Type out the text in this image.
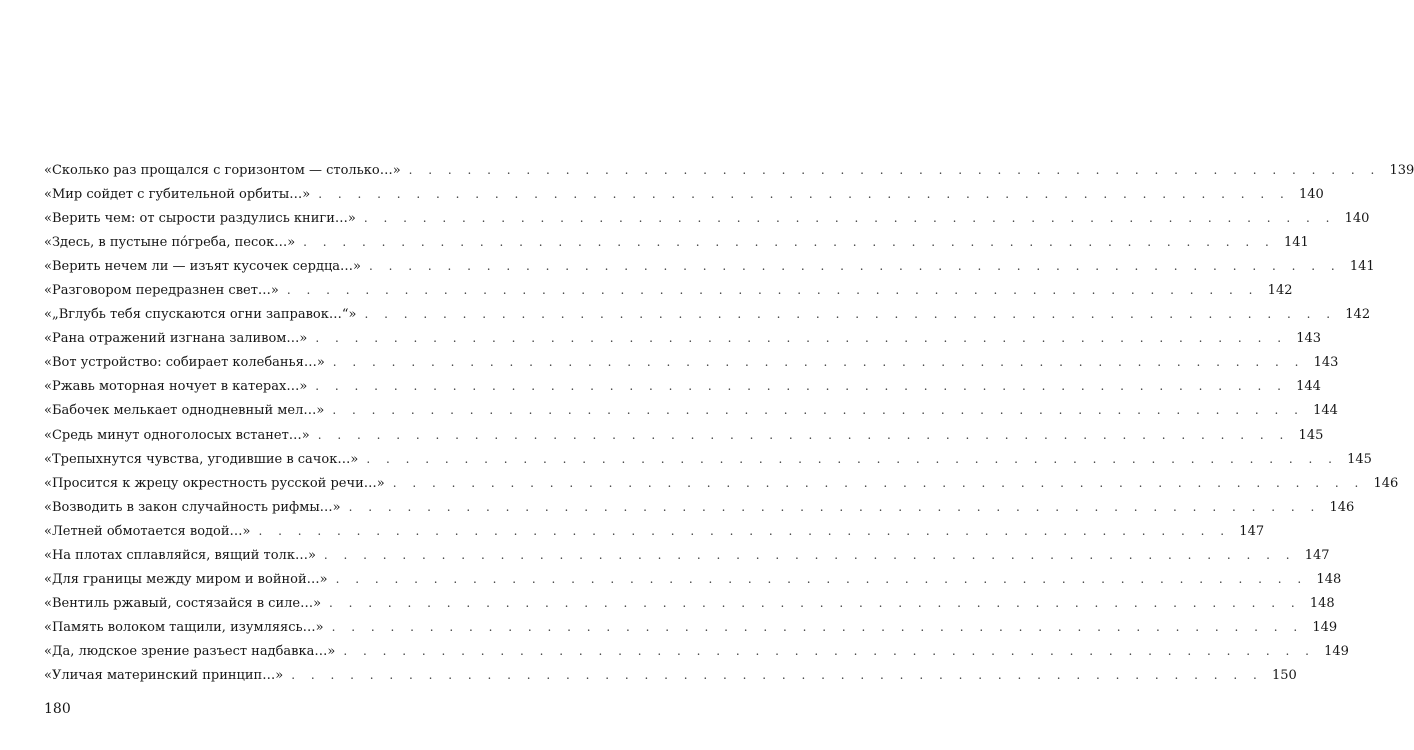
«Сколько раз прощался с горизонтом — столько…» . . . . . . . . . . . . . . . . . . . . . . . . . . . . . . . . . . . . . . . . . . . . . . . . . . 139
«Мир сойдет с губительной орбиты…» . . . . . . . . . . . . . . . . . . . . . . . . . . . . . . . . . . . . . . . . . . . . . . . . . . 140
«Верить чем: от сырости раздулись книги…» . . . . . . . . . . . . . . . . . . . . . . . . . . . . . . . . . . . . . . . . . . . . . . . . . . 140
«Здесь, в пустыне по́греба, песок…» . . . . . . . . . . . . . . . . . . . . . . . . . . . . . . . . . . . . . . . . . . . . . . . . . . 141
«Верить нечем ли — изъят кусочек сердца…» . . . . . . . . . . . . . . . . . . . . . . . . . . . . . . . . . . . . . . . . . . . . . . . . . . 141
«Разговором передразнен свет…» . . . . . . . . . . . . . . . . . . . . . . . . . . . . . . . . . . . . . . . . . . . . . . . . . . 142
«„Вглубь тебя спускаются огни заправок…“» . . . . . . . . . . . . . . . . . . . . . . . . . . . . . . . . . . . . . . . . . . . . . . . . . . 142
«Рана отражений изгнана заливом…» . . . . . . . . . . . . . . . . . . . . . . . . . . . . . . . . . . . . . . . . . . . . . . . . . . 143
«Вот устройство: собирает колебанья…» . . . . . . . . . . . . . . . . . . . . . . . . . . . . . . . . . . . . . . . . . . . . . . . . . . 143
«Ржавь моторная ночует в катерах…» . . . . . . . . . . . . . . . . . . . . . . . . . . . . . . . . . . . . . . . . . . . . . . . . . . 144
«Бабочек мелькает однодневный мел…» . . . . . . . . . . . . . . . . . . . . . . . . . . . . . . . . . . . . . . . . . . . . . . . . . . 144
«Средь минут одноголосых встанет…» . . . . . . . . . . . . . . . . . . . . . . . . . . . . . . . . . . . . . . . . . . . . . . . . . . 145
«Трепыхнутся чувства, угодившие в сачок…» . . . . . . . . . . . . . . . . . . . . . . . . . . . . . . . . . . . . . . . . . . . . . . . . . . 145
«Просится к жрецу окрестность русской речи…» . . . . . . . . . . . . . . . . . . . . . . . . . . . . . . . . . . . . . . . . . . . . . . . . . . 146
«Возводить в закон случайность рифмы…» . . . . . . . . . . . . . . . . . . . . . . . . . . . . . . . . . . . . . . . . . . . . . . . . . . 146
«Летней обмотается водой…» . . . . . . . . . . . . . . . . . . . . . . . . . . . . . . . . . . . . . . . . . . . . . . . . . . 147
«На плотах сплавляйся, вящий толк…» . . . . . . . . . . . . . . . . . . . . . . . . . . . . . . . . . . . . . . . . . . . . . . . . . . 147
«Для границы между миром и войной…» . . . . . . . . . . . . . . . . . . . . . . . . . . . . . . . . . . . . . . . . . . . . . . . . . . 148
«Вентиль ржавый, состязайся в силе…» . . . . . . . . . . . . . . . . . . . . . . . . . . . . . . . . . . . . . . . . . . . . . . . . . . 148
«Память волоком тащили, изумляясь…» . . . . . . . . . . . . . . . . . . . . . . . . . . . . . . . . . . . . . . . . . . . . . . . . . . 149
«Да, людское зрение разъест надбавка…» . . . . . . . . . . . . . . . . . . . . . . . . . . . . . . . . . . . . . . . . . . . . . . . . . . 149
«Уличая материнский принцип…» . . . . . . . . . . . . . . . . . . . . . . . . . . . . . . . . . . . . . . . . . . . . . . . . . . 150
180
